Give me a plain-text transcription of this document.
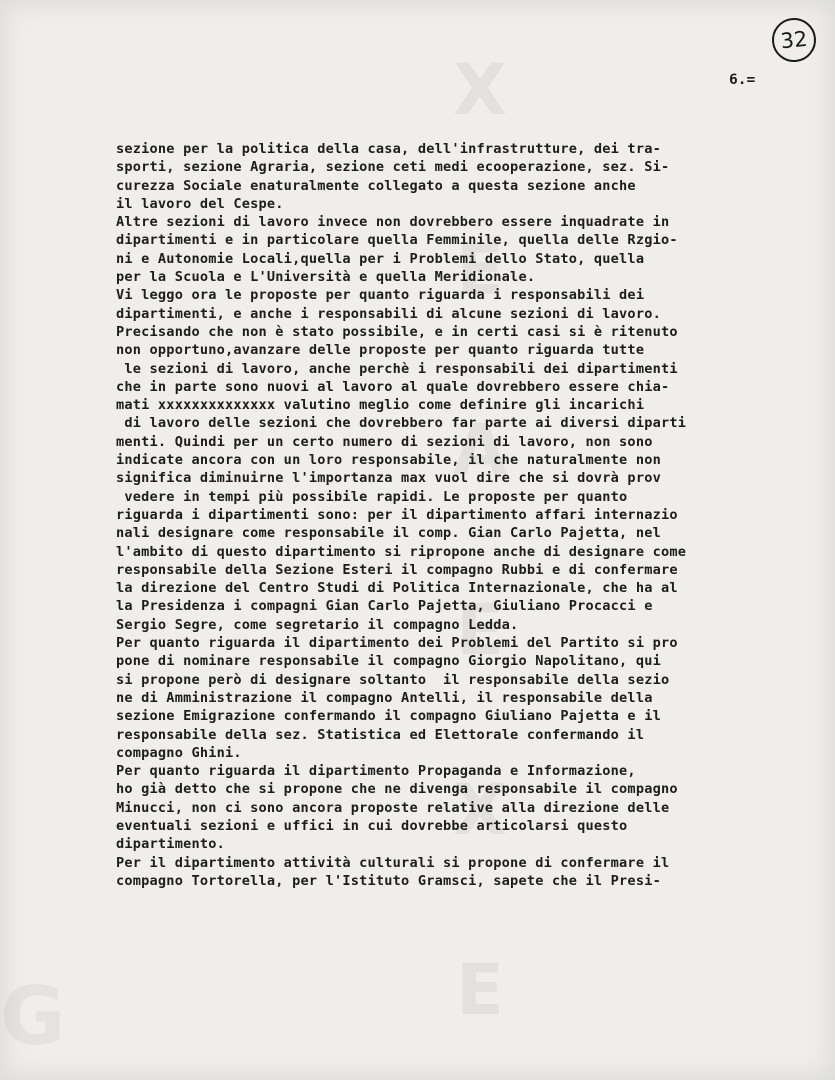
X
E
A
E
X
E
G
32
6.=
sezione per la politica della casa, dell'infrastrutture, dei tra-
sporti, sezione Agraria, sezione ceti medi ecooperazione, sez. Si-
curezza Sociale enaturalmente collegato a questa sezione anche
il lavoro del Cespe.
Altre sezioni di lavoro invece non dovrebbero essere inquadrate in
dipartimenti e in particolare quella Femminile, quella delle Rzgio-
ni e Autonomie Locali,quella per i Problemi dello Stato, quella
per la Scuola e L'Università e quella Meridionale.
Vi leggo ora le proposte per quanto riguarda i responsabili dei
dipartimenti, e anche i responsabili di alcune sezioni di lavoro.
Precisando che non è stato possibile, e in certi casi si è ritenuto
non opportuno,avanzare delle proposte per quanto riguarda tutte
le sezioni di lavoro, anche perchè i responsabili dei dipartimenti
che in parte sono nuovi al lavoro al quale dovrebbero essere chia-
mati xxxxxxxxxxxxxx valutino meglio come definire gli incarichi
di lavoro delle sezioni che dovrebbero far parte ai diversi diparti
menti. Quindi per un certo numero di sezioni di lavoro, non sono
indicate ancora con un loro responsabile, il che naturalmente non
significa diminuirne l'importanza max vuol dire che si dovrà prov
vedere in tempi più possibile rapidi. Le proposte per quanto
riguarda i dipartimenti sono: per il dipartimento affari internazio
nali designare come responsabile il comp. Gian Carlo Pajetta, nel
l'ambito di questo dipartimento si ripropone anche di designare come
responsabile della Sezione Esteri il compagno Rubbi e di confermare
la direzione del Centro Studi di Politica Internazionale, che ha al
la Presidenza i compagni Gian Carlo Pajetta, Giuliano Procacci e
Sergio Segre, come segretario il compagno Ledda.
Per quanto riguarda il dipartimento dei Problemi del Partito si pro
pone di nominare responsabile il compagno Giorgio Napolitano, qui
si propone però di designare soltanto  il responsabile della sezio
ne di Amministrazione il compagno Antelli, il responsabile della
sezione Emigrazione confermando il compagno Giuliano Pajetta e il
responsabile della sez. Statistica ed Elettorale confermando il
compagno Ghini.
Per quanto riguarda il dipartimento Propaganda e Informazione,
ho già detto che si propone che ne divenga responsabile il compagno
Minucci, non ci sono ancora proposte relative alla direzione delle
eventuali sezioni e uffici in cui dovrebbe articolarsi questo
dipartimento.
Per il dipartimento attività culturali si propone di confermare il
compagno Tortorella, per l'Istituto Gramsci, sapete che il Presi-
